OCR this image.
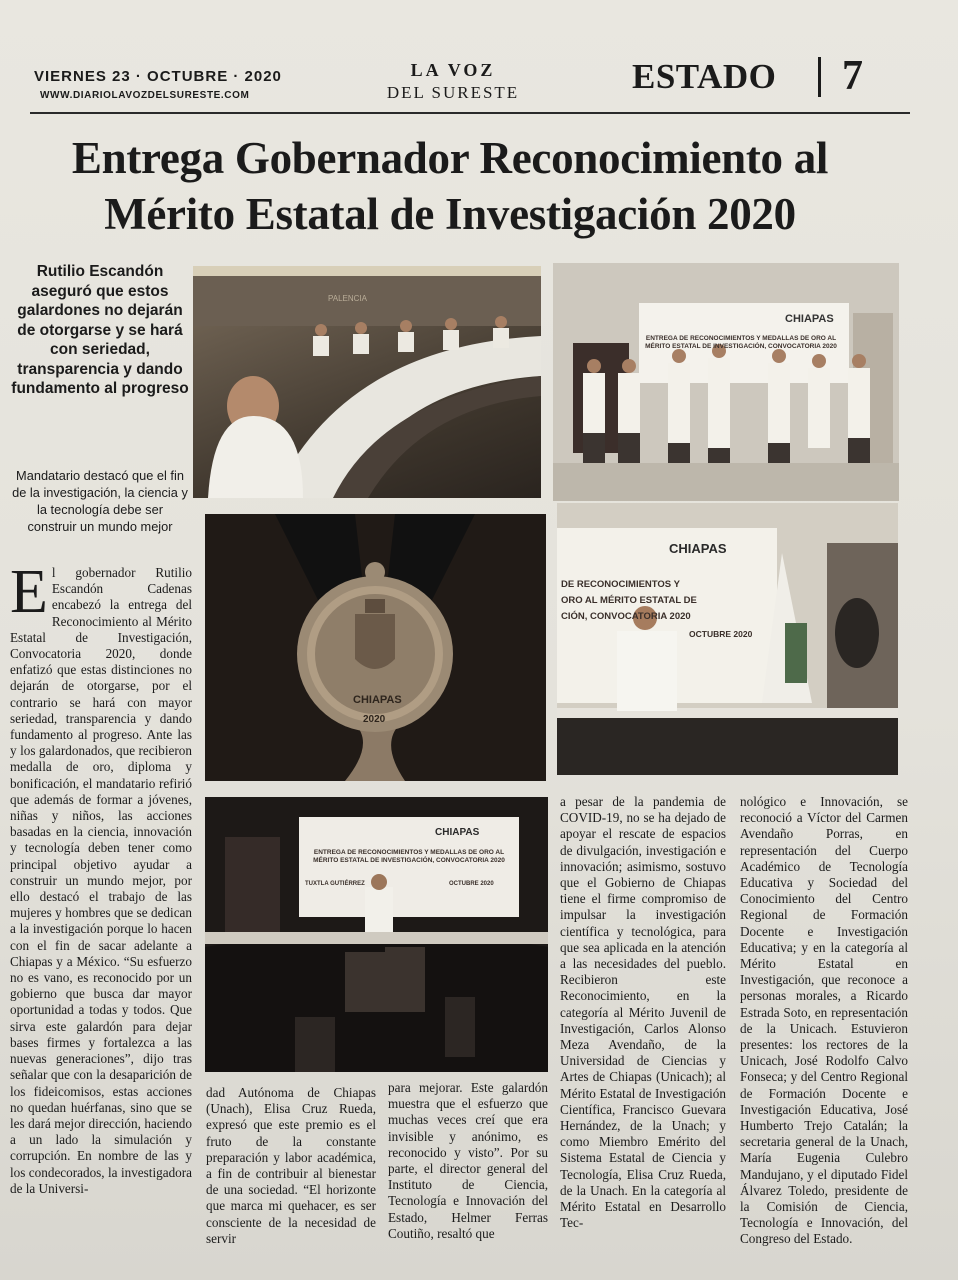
VIERNES 23 · OCTUBRE · 2020
WWW.DIARIOLAVOZDELSURESTE.COM
LA VOZ
DEL SURESTE	ESTADO 7
Entrega Gobernador Reconocimiento al
Mérito Estatal de Investigación 2020
Rutilio Escandón aseguró que estos galardones no dejarán de otorgarse y se hará con seriedad, transparencia y dando fundamento al progreso
Mandatario destacó que el fin de la investigación, la ciencia y la tecnología debe ser construir un mundo mejor
PALENCIA
CHIAPAS
ENTREGA DE RECONOCIMIENTOS Y MEDALLAS DE ORO AL MÉRITO ESTATAL DE INVESTIGACIÓN, CONVOCATORIA 2020
CHIAPAS
2020
CHIAPAS
DE RECONOCIMIENTOS Y
ORO AL MÉRITO ESTATAL DE
CIÓN, CONVOCATORIA 2020
OCTUBRE 2020
CHIAPAS
ENTREGA DE RECONOCIMIENTOS Y MEDALLAS DE ORO AL MÉRITO ESTATAL DE INVESTIGACIÓN, CONVOCATORIA 2020
TUXTLA GUTIÉRREZ	OCTUBRE 2020

El gobernador Rutilio Escandón Cadenas encabezó la entrega del Reconocimiento al Mérito Estatal de Investigación, Convocatoria 2020, donde enfatizó que estas distinciones no dejarán de otorgarse, por el contrario se hará con mayor seriedad, transparencia y dando fundamento al progreso. Ante las y los galardonados, que recibieron medalla de oro, diploma y bonificación, el mandatario refirió que además de formar a jóvenes, niñas y niños, las acciones basadas en la ciencia, innovación y tecnología deben tener como principal objetivo ayudar a construir un mundo mejor, por ello destacó el trabajo de las mujeres y hombres que se dedican a la investigación porque lo hacen con el fin de sacar adelante a Chiapas y a México. “Su esfuerzo no es vano, es reconocido por un gobierno que busca dar mayor oportunidad a todas y todos. Que sirva este galardón para dejar bases firmes y fortalezca a las nuevas generaciones”, dijo tras señalar que con la desaparición de los fideicomisos, estas acciones no quedan huérfanas, sino que se les dará mejor dirección, haciendo a un lado la simulación y corrupción. En nombre de las y los condecorados, la investigadora de la Universi-

dad Autónoma de Chiapas (Unach), Elisa Cruz Rueda, expresó que este premio es el fruto de la constante preparación y labor académica, a fin de contribuir al bienestar de una sociedad. “El horizonte que marca mi quehacer, es ser consciente de la necesidad de servir

para mejorar. Este galardón muestra que el esfuerzo que muchas veces creí que era invisible y anónimo, es reconocido y visto”. Por su parte, el director general del Instituto de Ciencia, Tecnología e Innovación del Estado, Helmer Ferras Coutiño, resaltó que

a pesar de la pandemia de COVID-19, no se ha dejado de apoyar el rescate de espacios de divulgación, investigación e innovación; asimismo, sostuvo que el Gobierno de Chiapas tiene el firme compromiso de impulsar la investigación científica y tecnológica, para que sea aplicada en la atención a las necesidades del pueblo. Recibieron este Reconocimiento, en la categoría al Mérito Juvenil de Investigación, Carlos Alonso Meza Avendaño, de la Universidad de Ciencias y Artes de Chiapas (Unicach); al Mérito Estatal de Investigación Científica, Francisco Guevara Hernández, de la Unach; y como Miembro Emérito del Sistema Estatal de Ciencia y Tecnología, Elisa Cruz Rueda, de la Unach. En la categoría al Mérito Estatal en Desarrollo Tec-

nológico e Innovación, se reconoció a Víctor del Carmen Avendaño Porras, en representación del Cuerpo Académico de Tecnología Educativa y Sociedad del Conocimiento del Centro Regional de Formación Docente e Investigación Educativa; y en la categoría al Mérito Estatal en Investigación, que reconoce a personas morales, a Ricardo Estrada Soto, en representación de la Unicach. Estuvieron presentes: los rectores de la Unicach, José Rodolfo Calvo Fonseca; y del Centro Regional de Formación Docente e Investigación Educativa, José Humberto Trejo Catalán; la secretaria general de la Unach, María Eugenia Culebro Mandujano, y el diputado Fidel Álvarez Toledo, presidente de la Comisión de Ciencia, Tecnología e Innovación, del Congreso del Estado.
